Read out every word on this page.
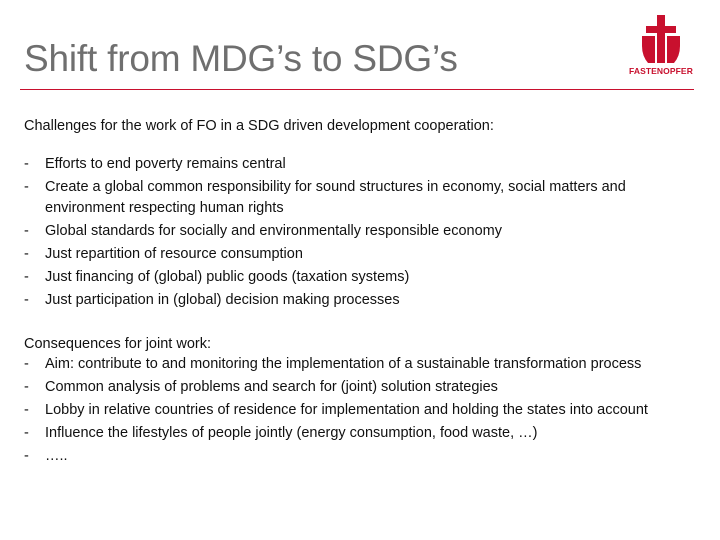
Shift from MDG’s to SDG’s	FASTENOPFER

Challenges for the work of FO in a SDG driven development cooperation:

- Efforts to end poverty remains central
- Create a global common responsibility for sound structures in economy, social matters and environment respecting human rights
- Global standards for socially and environmentally responsible economy
- Just repartition of resource consumption
- Just financing of (global) public goods (taxation systems)
- Just participation in (global) decision making processes

Consequences for joint work:

- Aim: contribute to and monitoring the implementation of a sustainable transformation process
- Common analysis of problems and search for (joint) solution strategies
- Lobby in relative countries of residence for implementation and holding the states into account
- Influence the lifestyles of people jointly (energy consumption, food waste, …)
- …..
